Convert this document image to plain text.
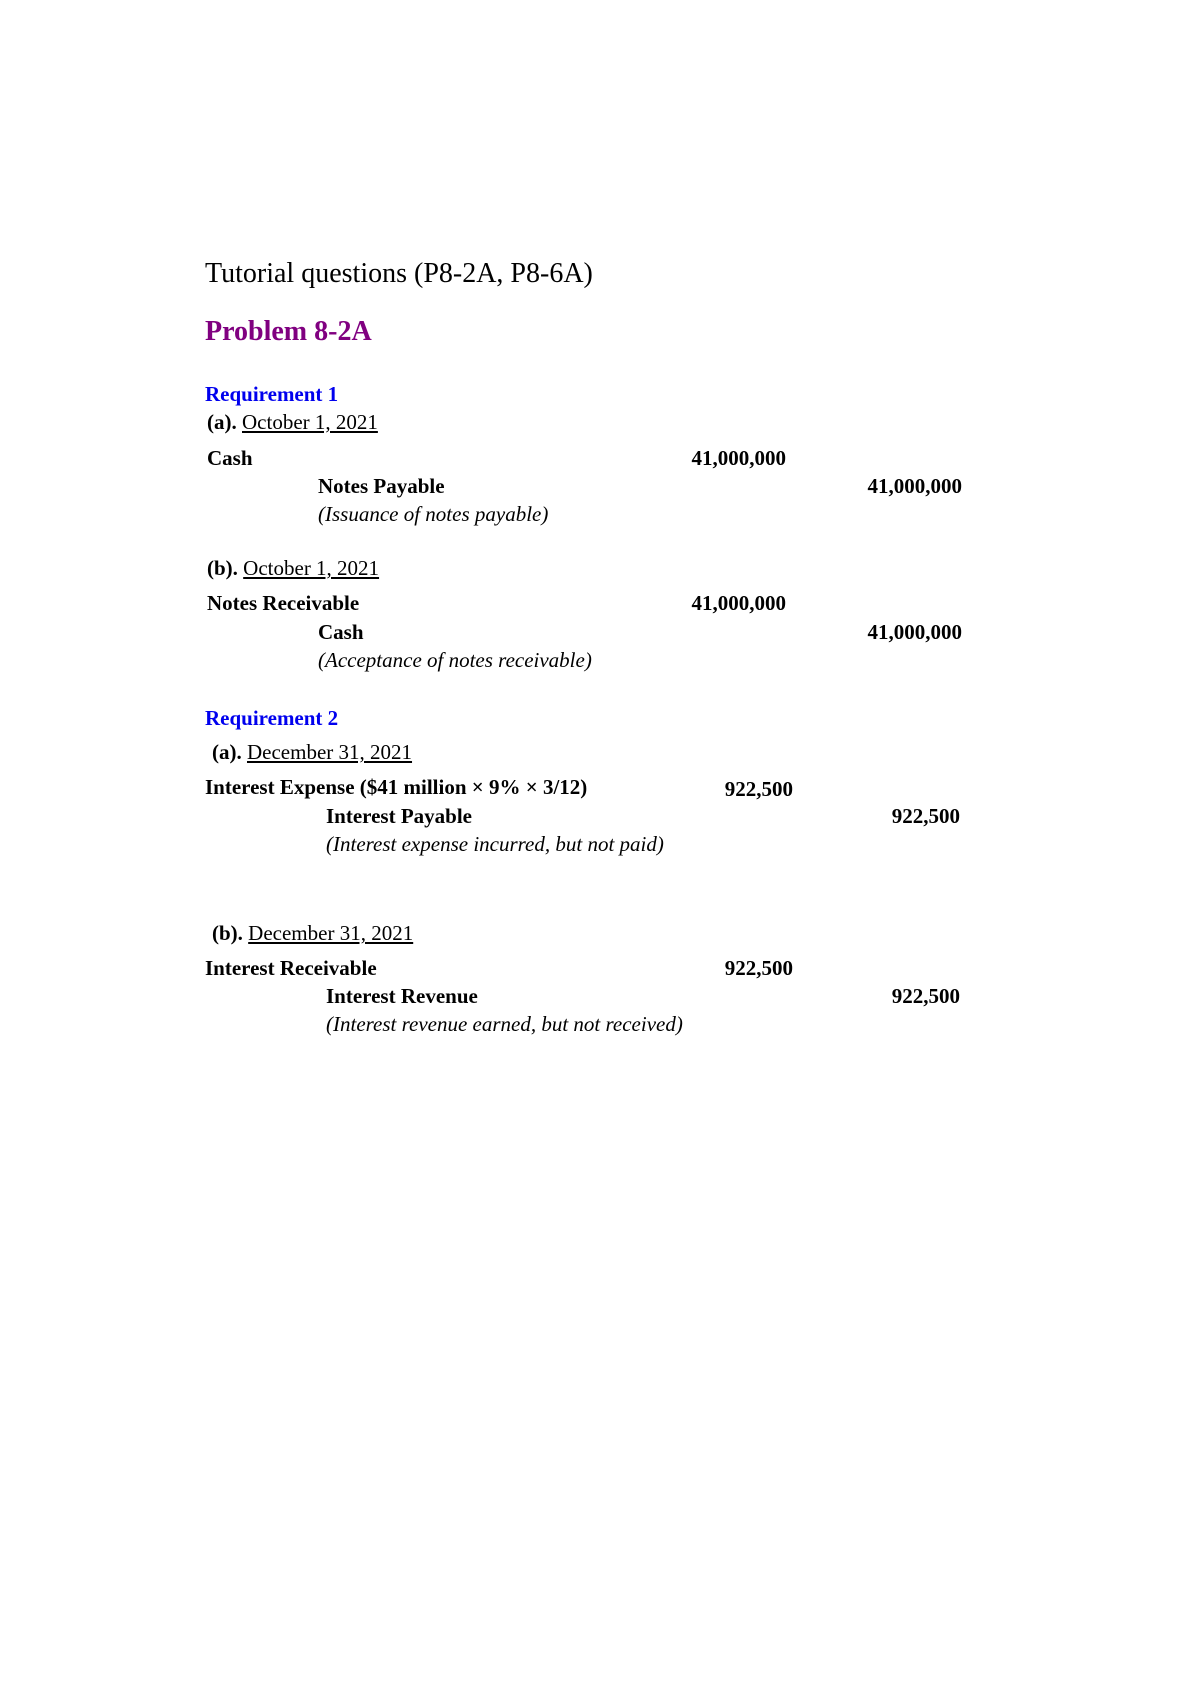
Tutorial questions (P8-2A, P8-6A)
Problem 8-2A
Requirement 1
(a). October 1, 2021
Cash	41,000,000
Notes Payable	41,000,000
(Issuance of notes payable)
(b). October 1, 2021
Notes Receivable	41,000,000
Cash	41,000,000
(Acceptance of notes receivable)
Requirement 2
(a). December 31, 2021
Interest Expense ($41 million × 9% × 3/12)	922,500
Interest Payable	922,500
(Interest expense incurred, but not paid)
(b). December 31, 2021
Interest Receivable	922,500
Interest Revenue	922,500
(Interest revenue earned, but not received)
